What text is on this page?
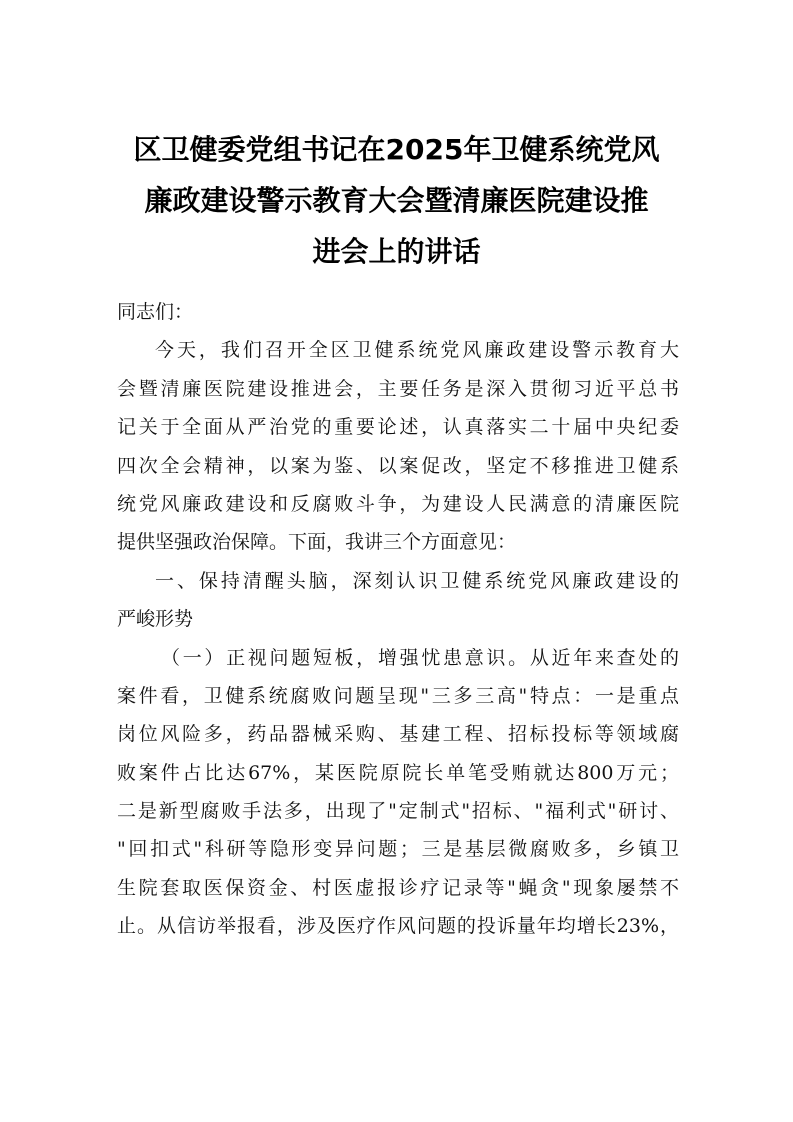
区卫健委党组书记在2025年卫健系统党风
廉政建设警示教育大会暨清廉医院建设推
进会上的讲话
同志们：
今天，我们召开全区卫健系统党风廉政建设警示教育大
会暨清廉医院建设推进会，主要任务是深入贯彻习近平总书
记关于全面从严治党的重要论述，认真落实二十届中央纪委
四次全会精神，以案为鉴、以案促改，坚定不移推进卫健系
统党风廉政建设和反腐败斗争，为建设人民满意的清廉医院
提供坚强政治保障。下面，我讲三个方面意见：
一、保持清醒头脑，深刻认识卫健系统党风廉政建设的
严峻形势
（一）正视问题短板，增强忧患意识。从近年来查处的
案件看，卫健系统腐败问题呈现"三多三高"特点：一是重点
岗位风险多，药品器械采购、基建工程、招标投标等领域腐
败案件占比达67%，某医院原院长单笔受贿就达800万元；
二是新型腐败手法多，出现了"定制式"招标、"福利式"研讨、
"回扣式"科研等隐形变异问题；三是基层微腐败多，乡镇卫
生院套取医保资金、村医虚报诊疗记录等"蝇贪"现象屡禁不
止。从信访举报看，涉及医疗作风问题的投诉量年均增长23%，
